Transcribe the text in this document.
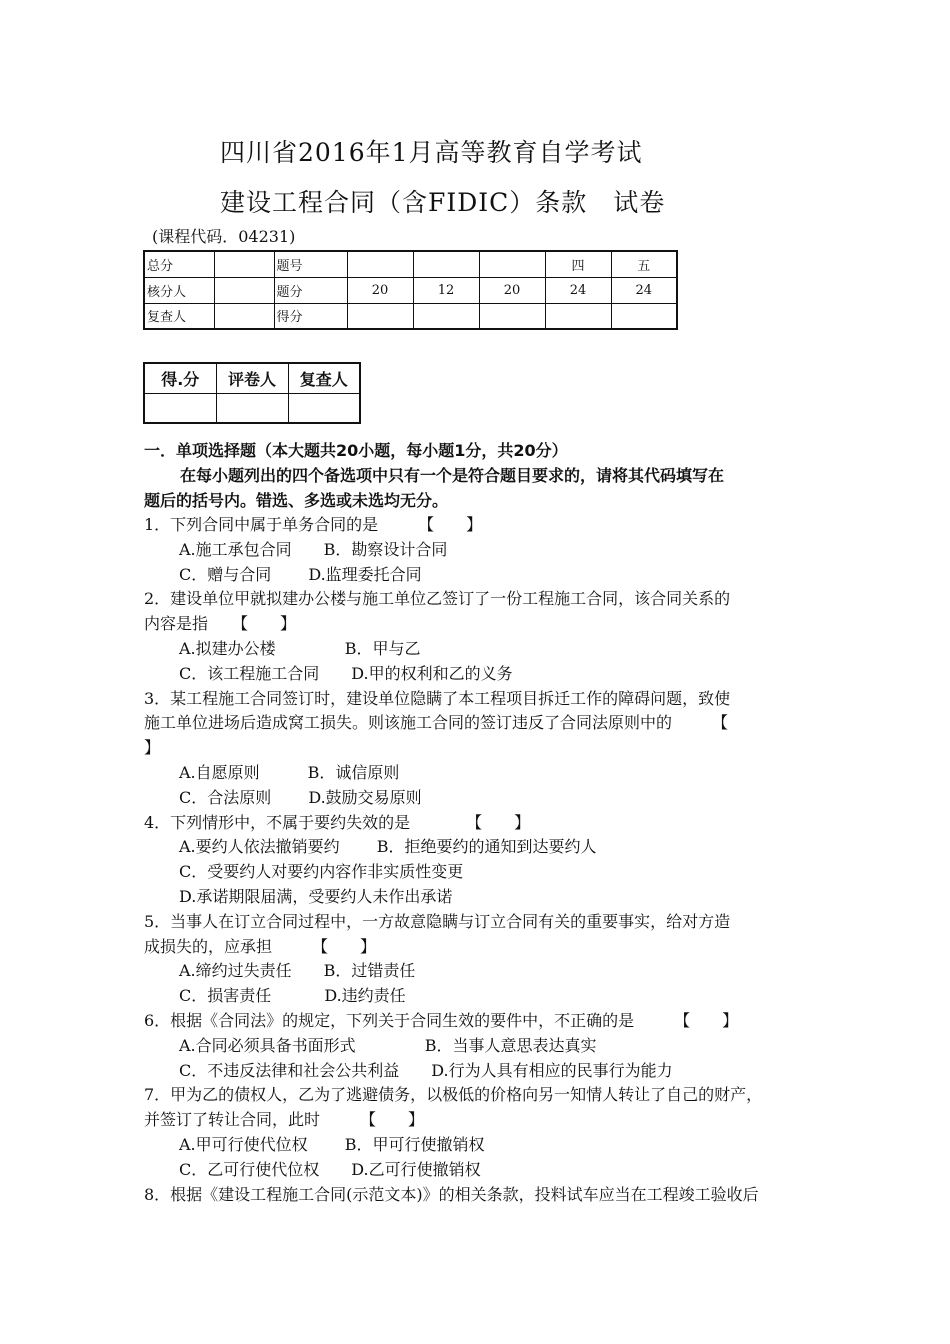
四川省2016年1月高等教育自学考试
建设工程合同（含FIDIC）条款　试卷
(课程代码．04231)
总分		题号				四	五
核分人		题分	20	12	20	24	24
复查人		得分					
得.分	评卷人	复查人

一．单项选择题（本大题共20小题，每小题1分，共20分）
在每小题列出的四个备选项中只有一个是符合题目要求的，请将其代码填写在
题后的括号内。错选、多选或未选均无分。
1．下列合同中属于单务合同的是　　　【　　】
A.施工承包合同　　B．勘察设计合同
C．赠与合同　　 D.监理委托合同
2．建设单位甲就拟建办公楼与施工单位乙签订了一份工程施工合同，该合同关系的
内容是指　　【　　】
A.拟建办公楼　　　　 B．甲与乙
C．该工程施工合同　　D.甲的权利和乙的义务
3．某工程施工合同签订时，建设单位隐瞒了本工程项目拆迁工作的障碍问题，致使
施工单位进场后造成窝工损失。则该施工合同的签订违反了合同法原则中的　　　【
】
A.自愿原则　　　B．诚信原则
C．合法原则　　 D.鼓励交易原则
4．下列情形中，不属于要约失效的是　　　　【　　】
A.要约人依法撤销要约　　 B．拒绝要约的通知到达要约人
C．受要约人对要约内容作非实质性变更
D.承诺期限届满，受要约人未作出承诺
5．当事人在订立合同过程中，一方故意隐瞒与订立合同有关的重要事实，给对方造
成损失的，应承担　　　【　　】
A.缔约过失责任　　B．过错责任
C．损害责任　　　 D.违约责任
6．根据《合同法》的规定，下列关于合同生效的要件中，不正确的是　　　【　　】
A.合同必须具备书面形式　　　　 B．当事人意思表达真实
C．不违反法律和社会公共利益　　D.行为人具有相应的民事行为能力
7．甲为乙的债权人，乙为了逃避债务，以极低的价格向另一知情人转让了自己的财产，
并签订了转让合同，此时　　　【　　】
A.甲可行使代位权　　 B．甲可行使撤销权
C．乙可行使代位权　　D.乙可行使撤销权
8．根据《建设工程施工合同(示范文本)》的相关条款，投料试车应当在工程竣工验收后
